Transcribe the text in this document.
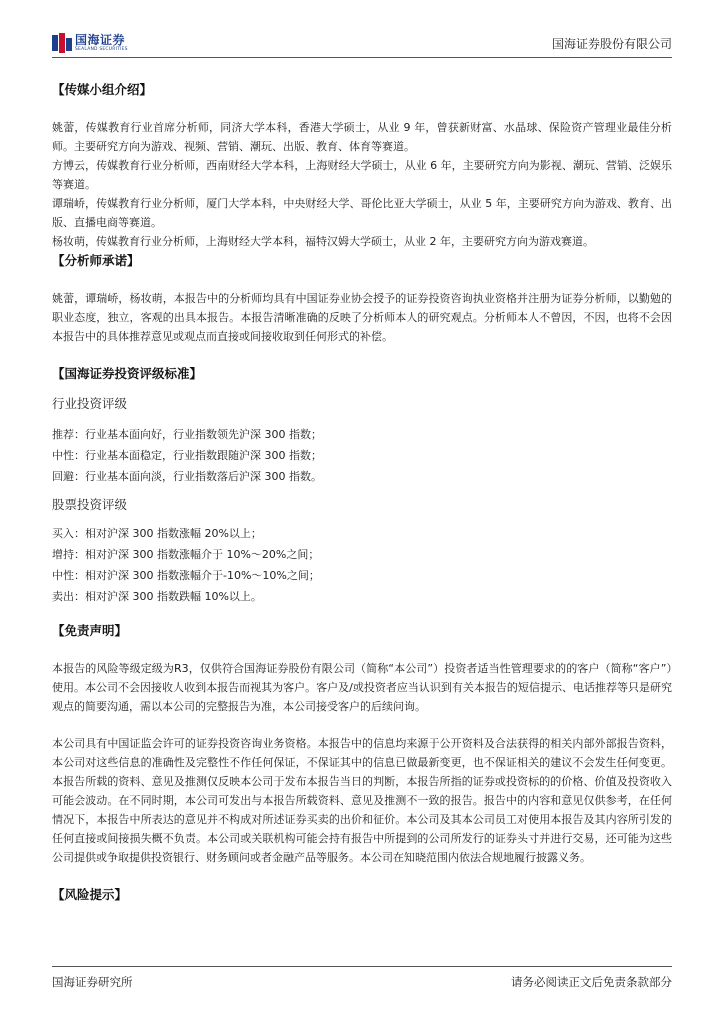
国海证券
SEALAND SECURITIES	国海证券股份有限公司
【传媒小组介绍】

姚蕾，传媒教育行业首席分析师，同济大学本科，香港大学硕士，从业 9 年，曾获新财富、水晶球、保险资产管理业最佳分析师。主要研究方向为游戏、视频、营销、潮玩、出版、教育、体育等赛道。

方博云，传媒教育行业分析师，西南财经大学本科，上海财经大学硕士，从业 6 年，主要研究方向为影视、潮玩、营销、泛娱乐等赛道。

谭瑞峤，传媒教育行业分析师，厦门大学本科，中央财经大学、哥伦比亚大学硕士，从业 5 年，主要研究方向为游戏、教育、出版、直播电商等赛道。

杨妆萌，传媒教育行业分析师，上海财经大学本科，福特汉姆大学硕士，从业 2 年，主要研究方向为游戏赛道。

【分析师承诺】

姚蕾，谭瑞峤，杨妆萌，本报告中的分析师均具有中国证券业协会授予的证券投资咨询执业资格并注册为证券分析师，以勤勉的职业态度，独立，客观的出具本报告。本报告清晰准确的反映了分析师本人的研究观点。分析师本人不曾因，不因，也将不会因本报告中的具体推荐意见或观点而直接或间接收取到任何形式的补偿。

【国海证券投资评级标准】

行业投资评级

推荐：行业基本面向好，行业指数领先沪深 300 指数；

中性：行业基本面稳定，行业指数跟随沪深 300 指数；

回避：行业基本面向淡，行业指数落后沪深 300 指数。

股票投资评级

买入：相对沪深 300 指数涨幅 20%以上；

增持：相对沪深 300 指数涨幅介于 10%～20%之间；

中性：相对沪深 300 指数涨幅介于-10%～10%之间；

卖出：相对沪深 300 指数跌幅 10%以上。

【免责声明】

本报告的风险等级定级为R3，仅供符合国海证券股份有限公司（简称“本公司”）投资者适当性管理要求的的客户（简称“客户”）使用。本公司不会因接收人收到本报告而视其为客户。客户及/或投资者应当认识到有关本报告的短信提示、电话推荐等只是研究观点的简要沟通，需以本公司的完整报告为准，本公司接受客户的后续问询。

本公司具有中国证监会许可的证券投资咨询业务资格。本报告中的信息均来源于公开资料及合法获得的相关内部外部报告资料，本公司对这些信息的准确性及完整性不作任何保证，不保证其中的信息已做最新变更，也不保证相关的建议不会发生任何变更。本报告所载的资料、意见及推测仅反映本公司于发布本报告当日的判断，本报告所指的证券或投资标的的价格、价值及投资收入可能会波动。在不同时期，本公司可发出与本报告所载资料、意见及推测不一致的报告。报告中的内容和意见仅供参考，在任何情况下，本报告中所表达的意见并不构成对所述证券买卖的出价和征价。本公司及其本公司员工对使用本报告及其内容所引发的任何直接或间接损失概不负责。本公司或关联机构可能会持有报告中所提到的公司所发行的证券头寸并进行交易，还可能为这些公司提供或争取提供投资银行、财务顾问或者金融产品等服务。本公司在知晓范围内依法合规地履行披露义务。

【风险提示】
国海证券研究所	请务必阅读正文后免责条款部分
